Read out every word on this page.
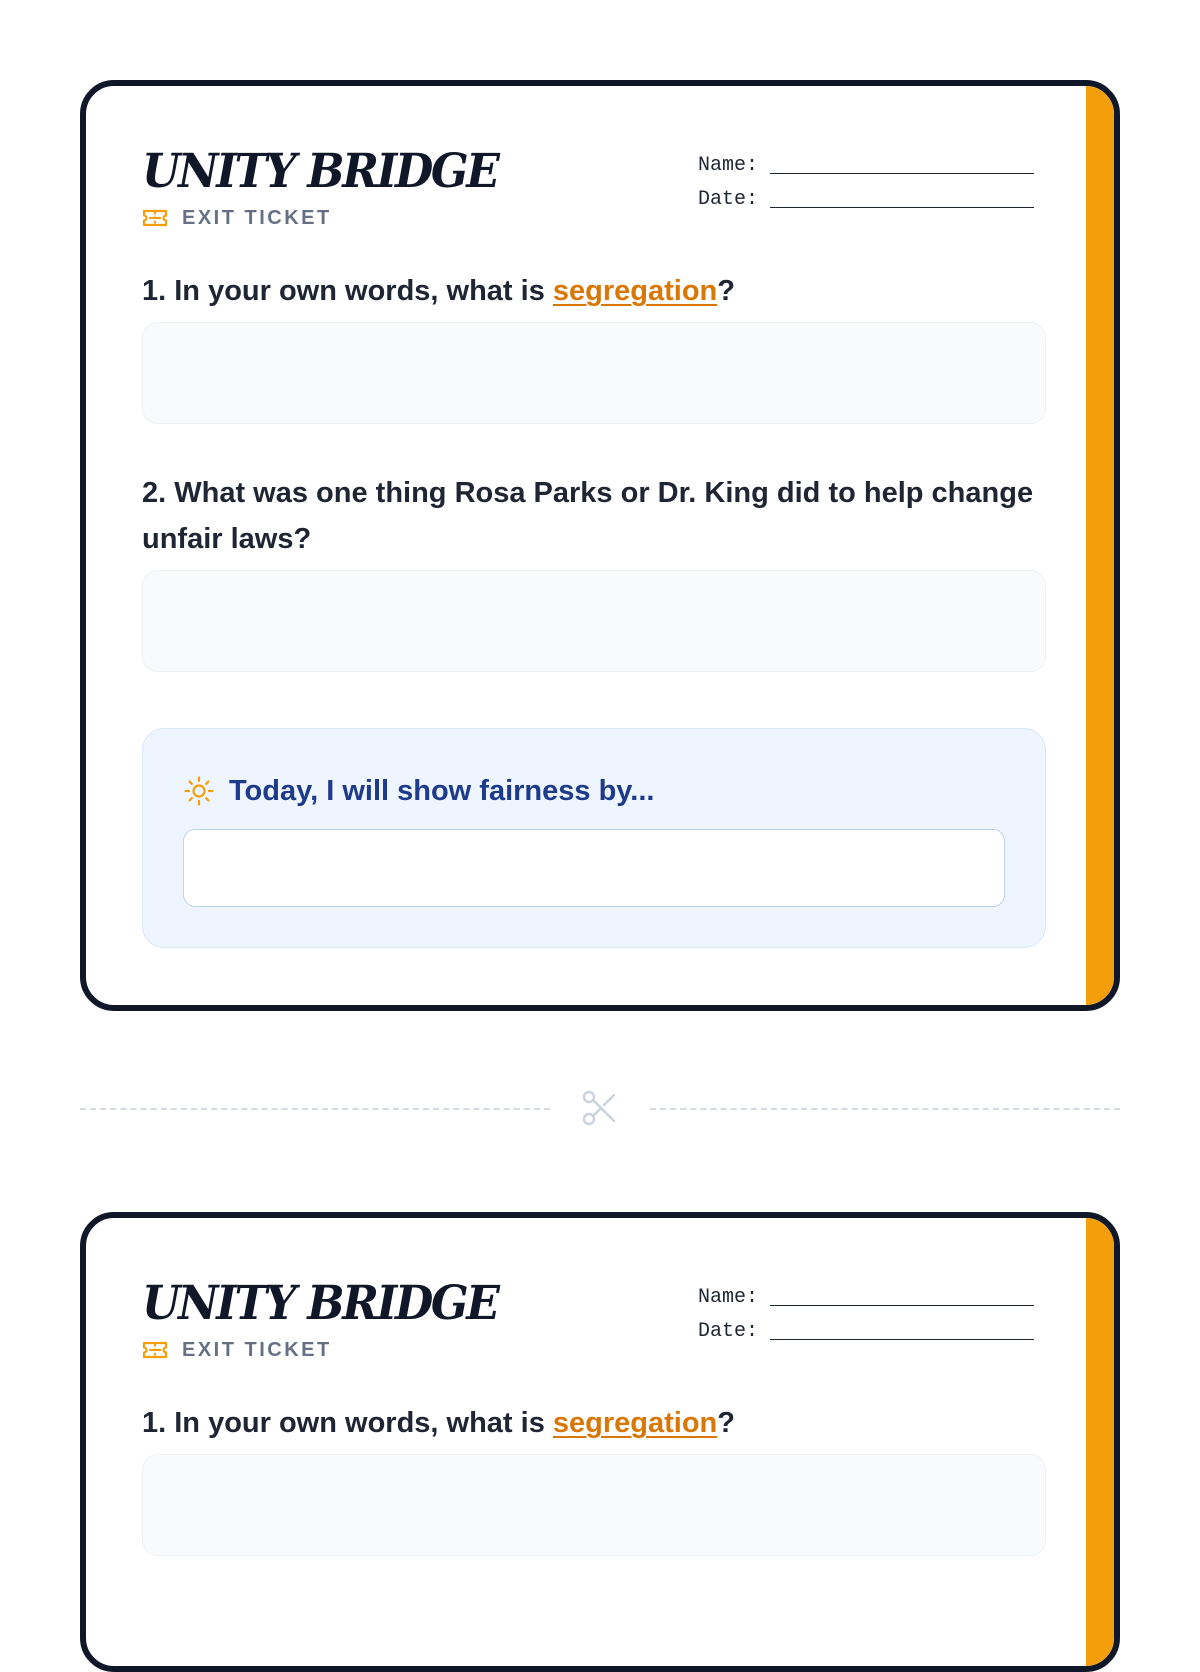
UNITY BRIDGE
EXIT TICKET
Name:
Date:
1. In your own words, what is segregation?
2. What was one thing Rosa Parks or Dr. King did to help change unfair laws?
Today, I will show fairness by...
UNITY BRIDGE
EXIT TICKET
Name:
Date:
1. In your own words, what is segregation?
